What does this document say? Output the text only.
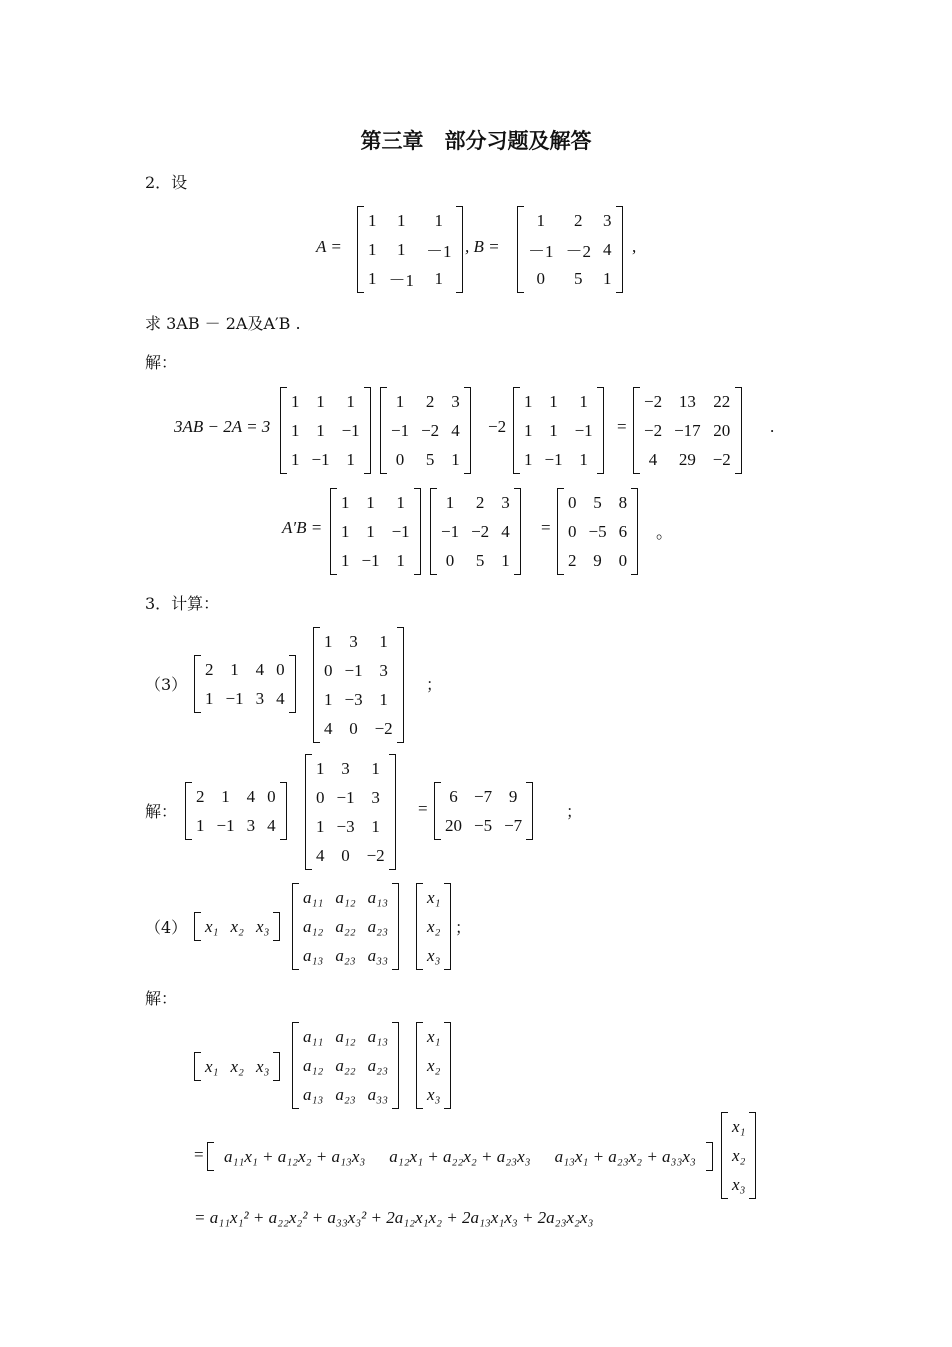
第三章　部分习题及解答
2．设
A =
1	1	1
1	1	－1
1	－1	1
, B =
1	2	3
－1	－2	4
0	5	1
,
求 3AB － 2A及A′B .
解：
3AB − 2A = 3
1	1	1
1	1	−1
1	−1	1
1	2	3
−1	−2	4
0	5	1
−2
1	1	1
1	1	−1
1	−1	1
=
−2	13	22
−2	−17	20
4	29	−2
.
A′B =
1	1	1
1	1	−1
1	−1	1
1	2	3
−1	−2	4
0	5	1
=
0	5	8
0	−5	6
2	9	0
。
3．计算：
（3）
2	1	4	0
1	−1	3	4
1	3	1
0	−1	3
1	−3	1
4	0	−2
；
解：
2	1	4	0
1	−1	3	4
1	3	1
0	−1	3
1	−3	1
4	0	−2
=
6	−7	9
20	−5	−7
；
（4） x₁	x₂	x₃
a₁₁	a₁₂	a₁₃
a₁₂	a₂₂	a₂₃
a₁₃	a₂₃	a₃₃
x₁
x₂
x₃
；
解：
x₁	x₂	x₃
a₁₁	a₁₂	a₁₃
a₁₂	a₂₂	a₂₃
a₁₃	a₂₃	a₃₃
x₁
x₂
x₃
= a₁₁x₁ + a₁₂x₂ + a₁₃x₃	a₁₂x₁ + a₂₂x₂ + a₂₃x₃	a₁₃x₁ + a₂₃x₂ + a₃₃x₃
x₁
x₂
x₃
= a₁₁x₁² + a₂₂x₂² + a₃₃x₃² + 2a₁₂x₁x₂ + 2a₁₃x₁x₃ + 2a₂₃x₂x₃
